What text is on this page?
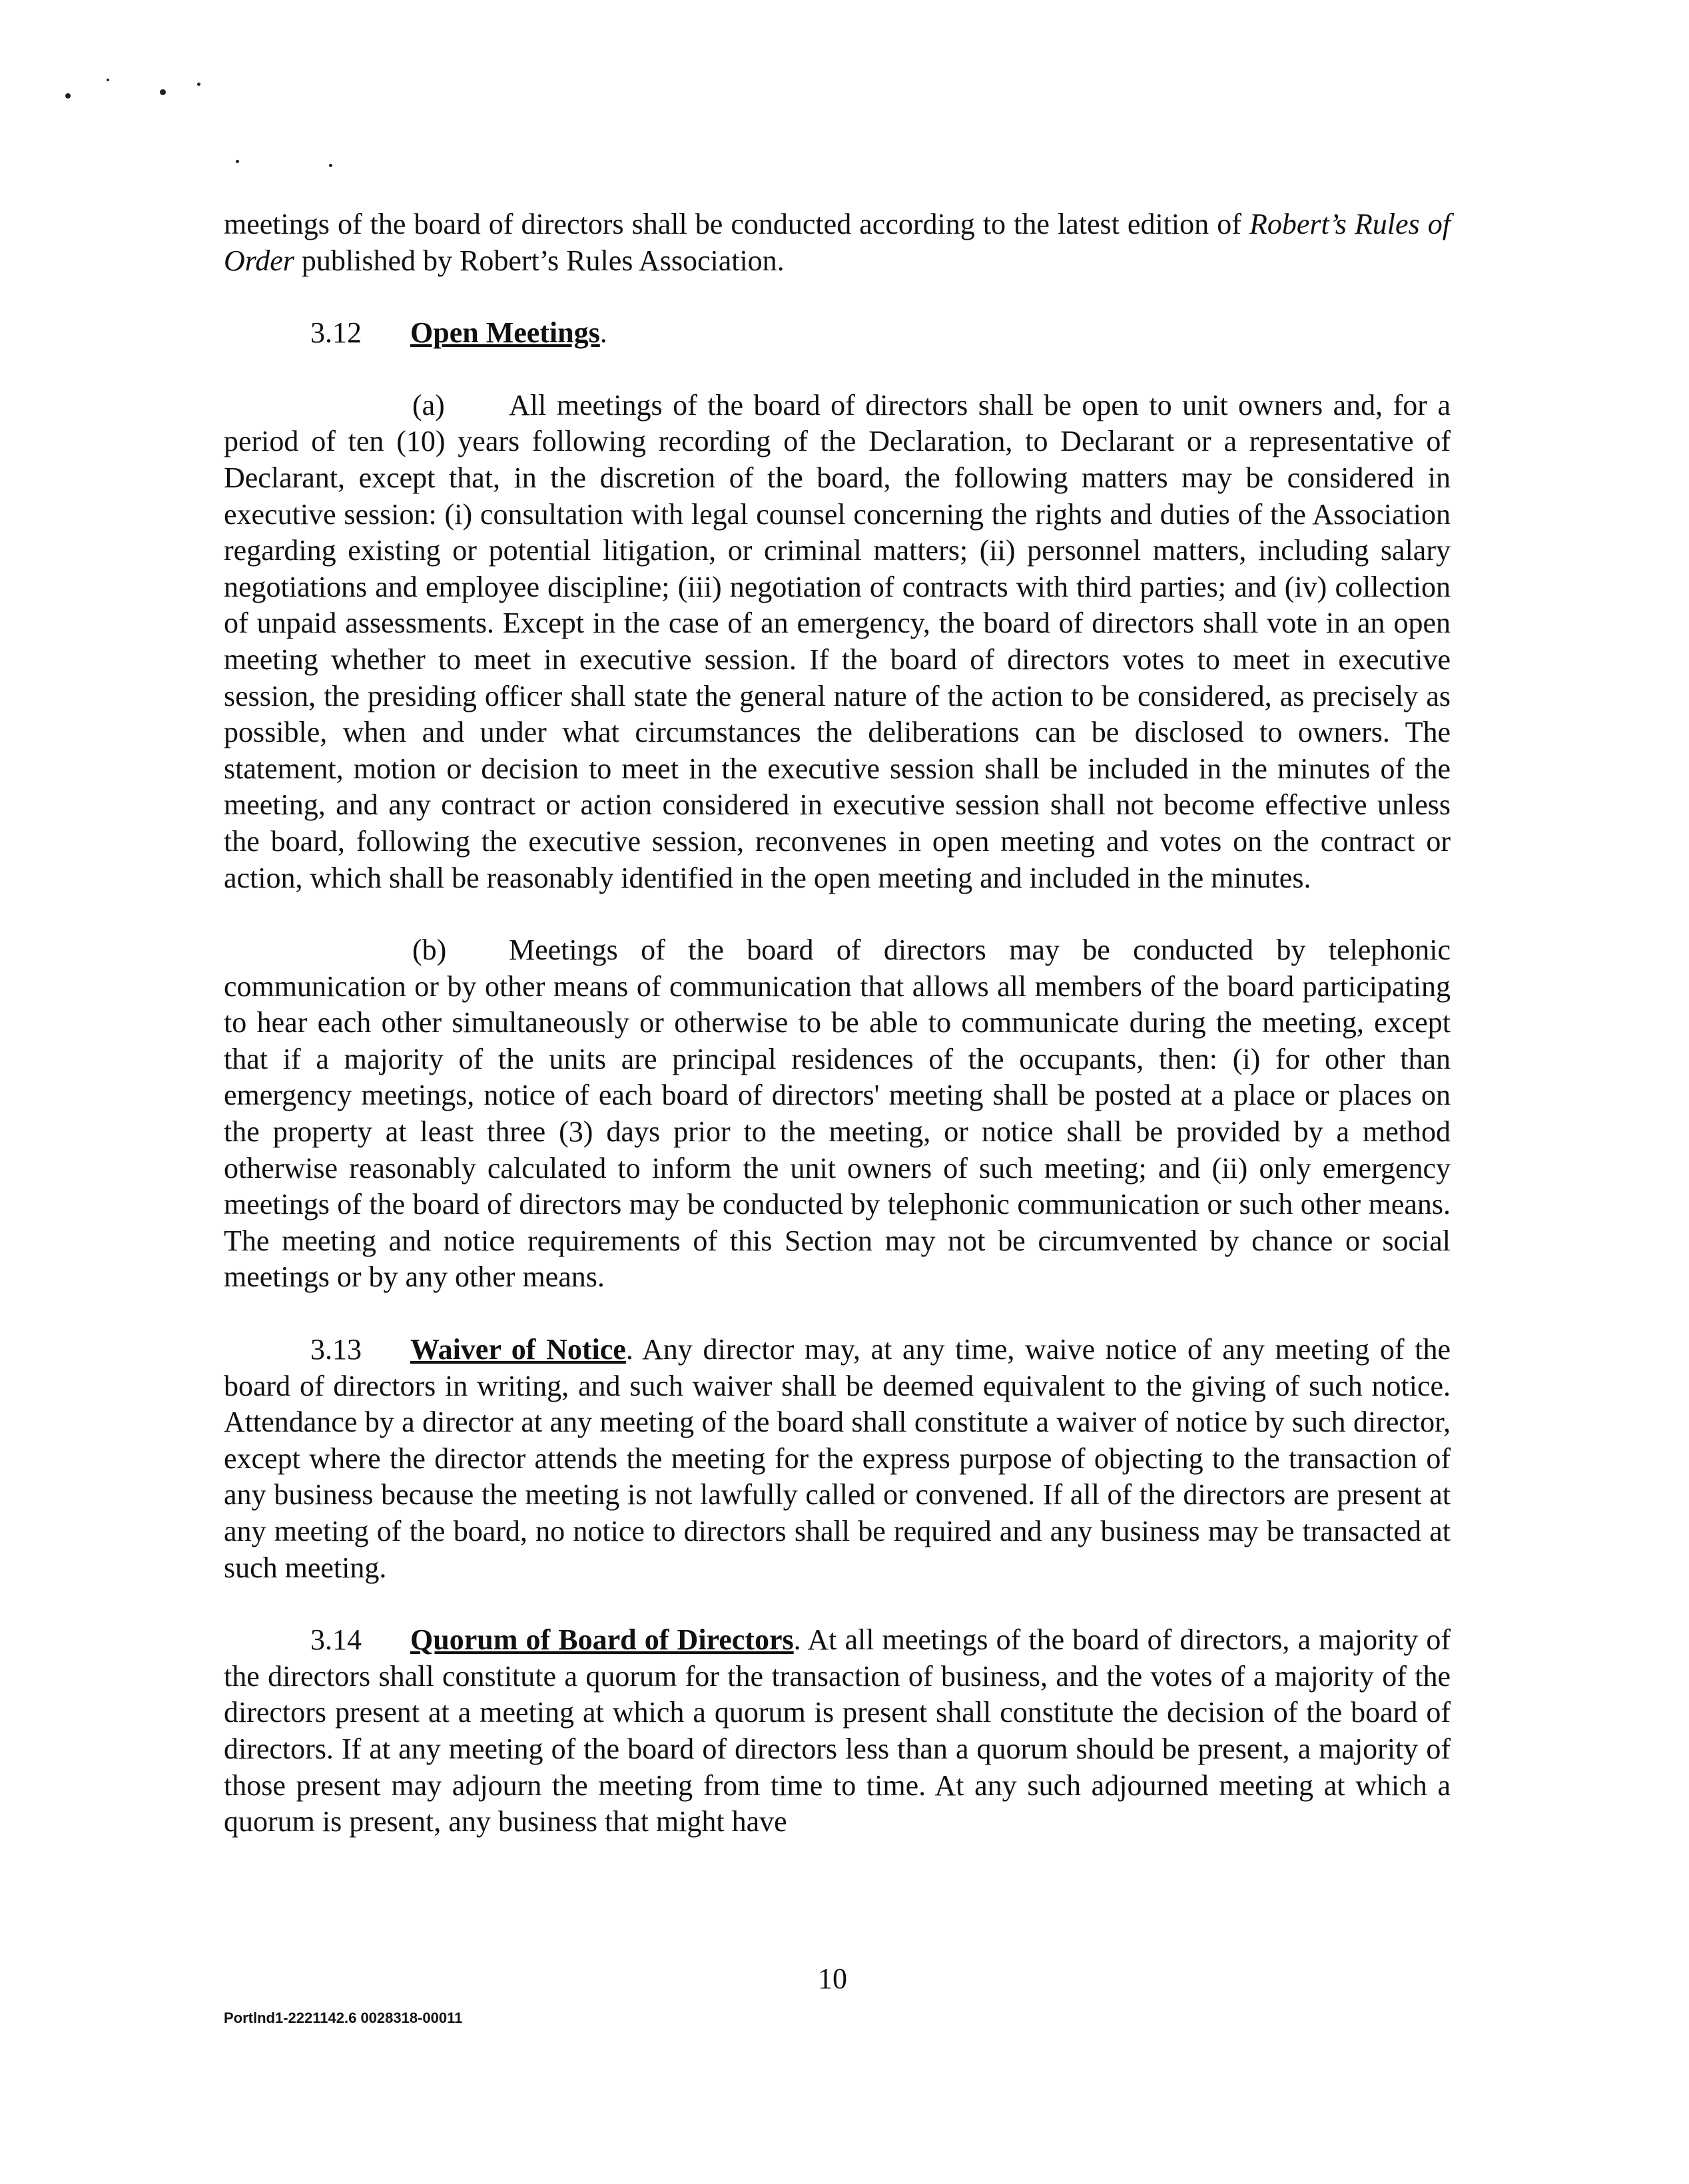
meetings of the board of directors shall be conducted according to the latest edition of Robert’s Rules of Order published by Robert’s Rules Association.

3.12 Open Meetings.

(a) All meetings of the board of directors shall be open to unit owners and, for a period of ten (10) years following recording of the Declaration, to Declarant or a representative of Declarant, except that, in the discretion of the board, the following matters may be considered in executive session: (i) consultation with legal counsel concerning the rights and duties of the Association regarding existing or potential litigation, or criminal matters; (ii) personnel matters, including salary negotiations and employee discipline; (iii) negotiation of contracts with third parties; and (iv) collection of unpaid assessments. Except in the case of an emergency, the board of directors shall vote in an open meeting whether to meet in executive session. If the board of directors votes to meet in executive session, the presiding officer shall state the general nature of the action to be considered, as precisely as possible, when and under what circumstances the deliberations can be disclosed to owners. The statement, motion or decision to meet in the executive session shall be included in the minutes of the meeting, and any contract or action considered in executive session shall not become effective unless the board, following the executive session, reconvenes in open meeting and votes on the contract or action, which shall be reasonably identified in the open meeting and included in the minutes.

(b) Meetings of the board of directors may be conducted by telephonic communication or by other means of communication that allows all members of the board participating to hear each other simultaneously or otherwise to be able to communicate during the meeting, except that if a majority of the units are principal residences of the occupants, then: (i) for other than emergency meetings, notice of each board of directors' meeting shall be posted at a place or places on the property at least three (3) days prior to the meeting, or notice shall be provided by a method otherwise reasonably calculated to inform the unit owners of such meeting; and (ii) only emergency meetings of the board of directors may be conducted by telephonic communication or such other means. The meeting and notice requirements of this Section may not be circumvented by chance or social meetings or by any other means.

3.13 Waiver of Notice. Any director may, at any time, waive notice of any meeting of the board of directors in writing, and such waiver shall be deemed equivalent to the giving of such notice. Attendance by a director at any meeting of the board shall constitute a waiver of notice by such director, except where the director attends the meeting for the express purpose of objecting to the transaction of any business because the meeting is not lawfully called or convened. If all of the directors are present at any meeting of the board, no notice to directors shall be required and any business may be transacted at such meeting.

3.14 Quorum of Board of Directors. At all meetings of the board of directors, a majority of the directors shall constitute a quorum for the transaction of business, and the votes of a majority of the directors present at a meeting at which a quorum is present shall constitute the decision of the board of directors. If at any meeting of the board of directors less than a quorum should be present, a majority of those present may adjourn the meeting from time to time. At any such adjourned meeting at which a quorum is present, any business that might have

10
Portlnd1-2221142.6 0028318-00011
